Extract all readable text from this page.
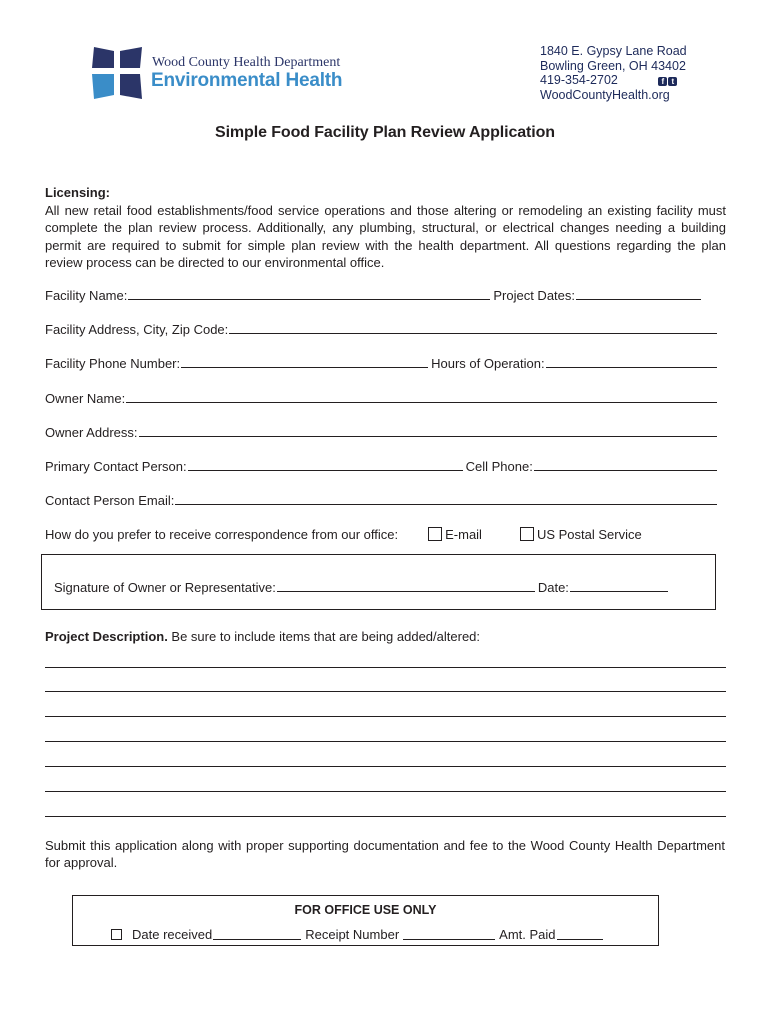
Wood County Health Department
Environmental Health
1840 E. Gypsy Lane Road
Bowling Green, OH 43402
419-354-2702	f t
WoodCountyHealth.org
Simple Food Facility Plan Review Application
Licensing:
All new retail food establishments/food service operations and those altering or remodeling an existing facility must complete the plan review process. Additionally, any plumbing, structural, or electrical changes needing a building permit are required to submit for simple plan review with the health department. All questions regarding the plan review process can be directed to our environmental office.
Facility Name:	Project Dates:
Facility Address, City, Zip Code:
Facility Phone Number:	Hours of Operation:
Owner Name:
Owner Address:
Primary Contact Person:	Cell Phone:
Contact Person Email:
How do you prefer to receive correspondence from our office:	E-mail	US Postal Service
Signature of Owner or Representative:	Date:
Project Description. Be sure to include items that are being added/altered:
Submit this application along with proper supporting documentation and fee to the Wood County Health Department for approval.
FOR OFFICE USE ONLY
Date received	Receipt Number	Amt. Paid
